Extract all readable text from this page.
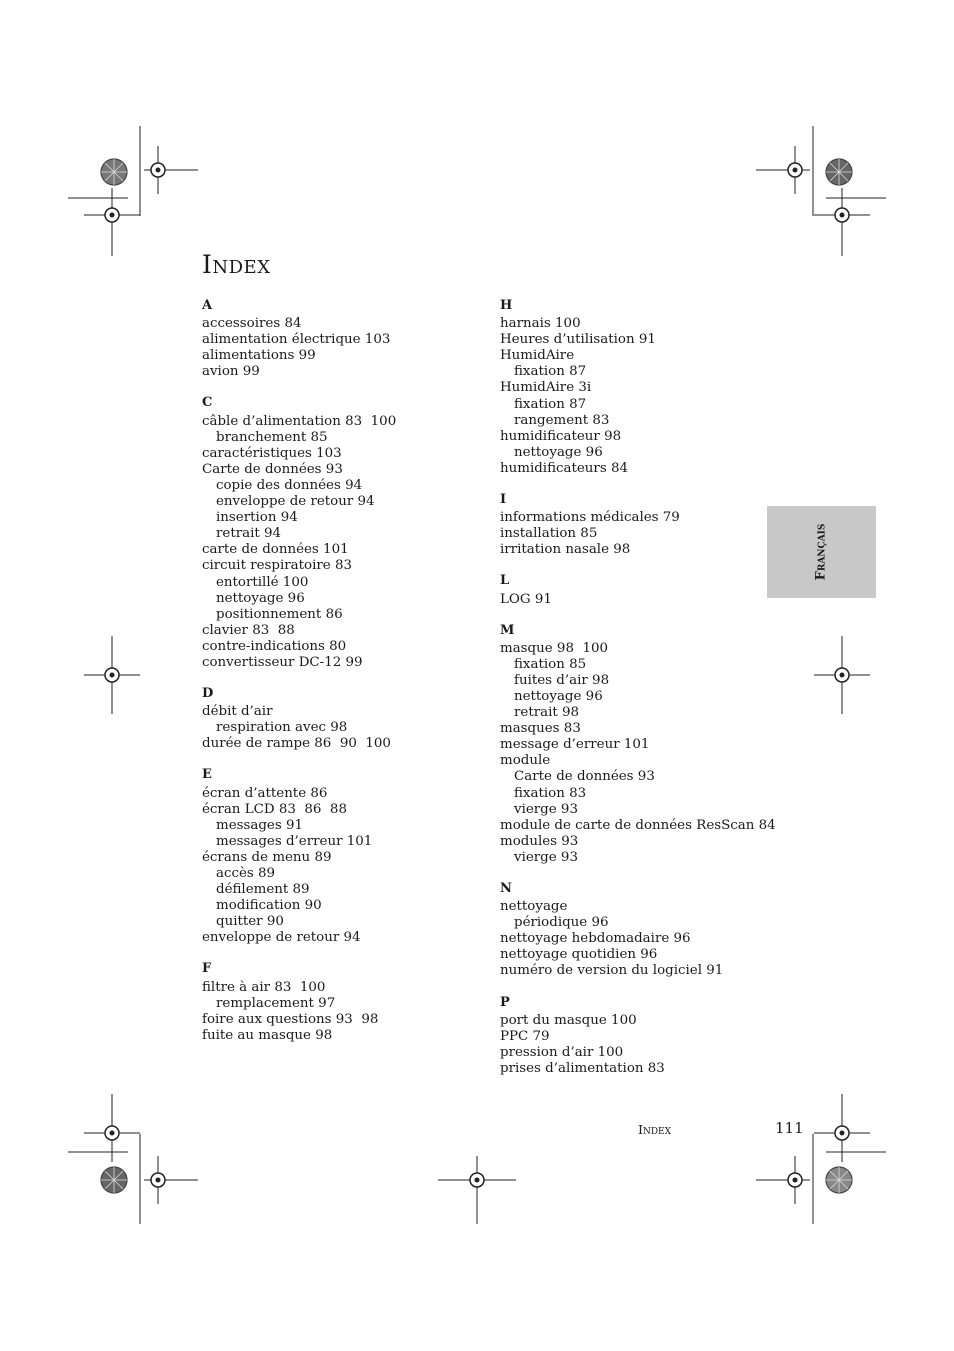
Index
A
accessoires 84
alimentation électrique 103
alimentations 99
avion 99
C
câble d’alimentation 83  100
branchement 85
caractéristiques 103
Carte de données 93
copie des données 94
enveloppe de retour 94
insertion 94
retrait 94
carte de données 101
circuit respiratoire 83
entortillé 100
nettoyage 96
positionnement 86
clavier 83  88
contre-indications 80
convertisseur DC-12 99
D
débit d’air
respiration avec 98
durée de rampe 86  90  100
E
écran d’attente 86
écran LCD 83  86  88
messages 91
messages d’erreur 101
écrans de menu 89
accès 89
défilement 89
modification 90
quitter 90
enveloppe de retour 94
F
filtre à air 83  100
remplacement 97
foire aux questions 93  98
fuite au masque 98
H
harnais 100
Heures d’utilisation 91
HumidAire
fixation 87
HumidAire 3i
fixation 87
rangement 83
humidificateur 98
nettoyage 96
humidificateurs 84
I
informations médicales 79
installation 85
irritation nasale 98
L
LOG 91
M
masque 98  100
fixation 85
fuites d’air 98
nettoyage 96
retrait 98
masques 83
message d’erreur 101
module
Carte de données 93
fixation 83
vierge 93
module de carte de données ResScan 84
modules 93
vierge 93
N
nettoyage
périodique 96
nettoyage hebdomadaire 96
nettoyage quotidien 96
numéro de version du logiciel 91
P
port du masque 100
PPC 79
pression d’air 100
prises d’alimentation 83
Français
Index	111
